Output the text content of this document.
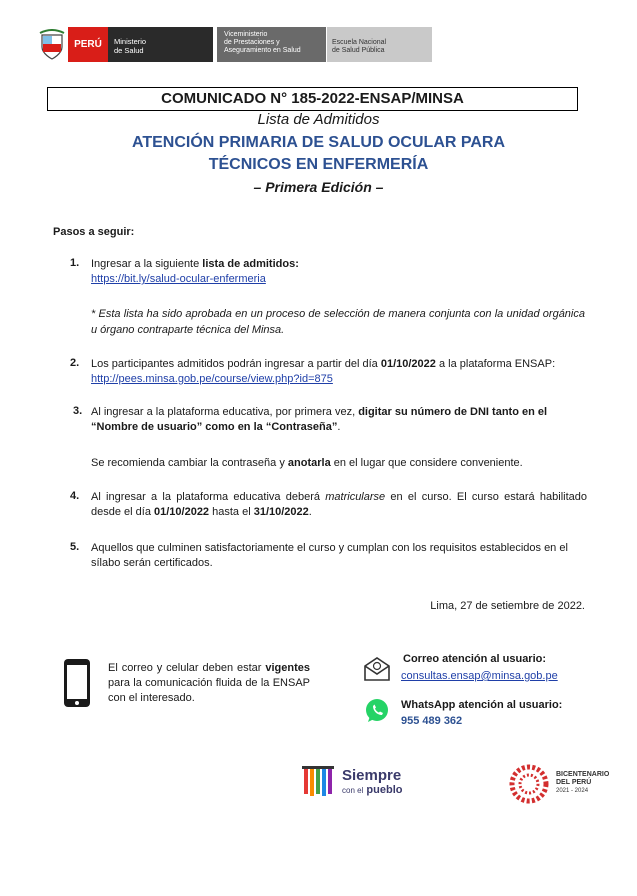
PERÚ	Ministerio
de Salud
Viceministerio
de Prestaciones y
Aseguramiento en Salud
Escuela Nacional
de Salud Pública
COMUNICADO N° 185-2022-ENSAP/MINSA
Lista de Admitidos
ATENCIÓN PRIMARIA DE SALUD OCULAR PARA
TÉCNICOS EN ENFERMERÍA
– Primera Edición –
Pasos a seguir:
1. Ingresar a la siguiente lista de admitidos:
https://bit.ly/salud-ocular-enfermeria
* Esta lista ha sido aprobada en un proceso de selección de manera conjunta con la unidad orgánica u órgano contraparte técnica del Minsa.
2. Los participantes admitidos podrán ingresar a partir del día 01/10/2022 a la plataforma ENSAP:
http://pees.minsa.gob.pe/course/view.php?id=875
3. Al ingresar a la plataforma educativa, por primera vez, digitar su número de DNI tanto en el “Nombre de usuario” como en la “Contraseña”.
Se recomienda cambiar la contraseña y anotarla en el lugar que considere conveniente.
4. Al ingresar a la plataforma educativa deberá matricularse en el curso. El curso estará habilitado desde el día 01/10/2022 hasta el 31/10/2022.
5. Aquellos que culminen satisfactoriamente el curso y cumplan con los requisitos establecidos en el sílabo serán certificados.
Lima, 27 de setiembre de 2022.
El correo y celular deben estar vigentes para la comunicación fluida de la ENSAP con el interesado.
Correo atención al usuario:
consultas.ensap@minsa.gob.pe
WhatsApp atención al usuario:
955 489 362
Siempre
con el pueblo
BICENTENARIO
DEL PERÚ
2021 - 2024
